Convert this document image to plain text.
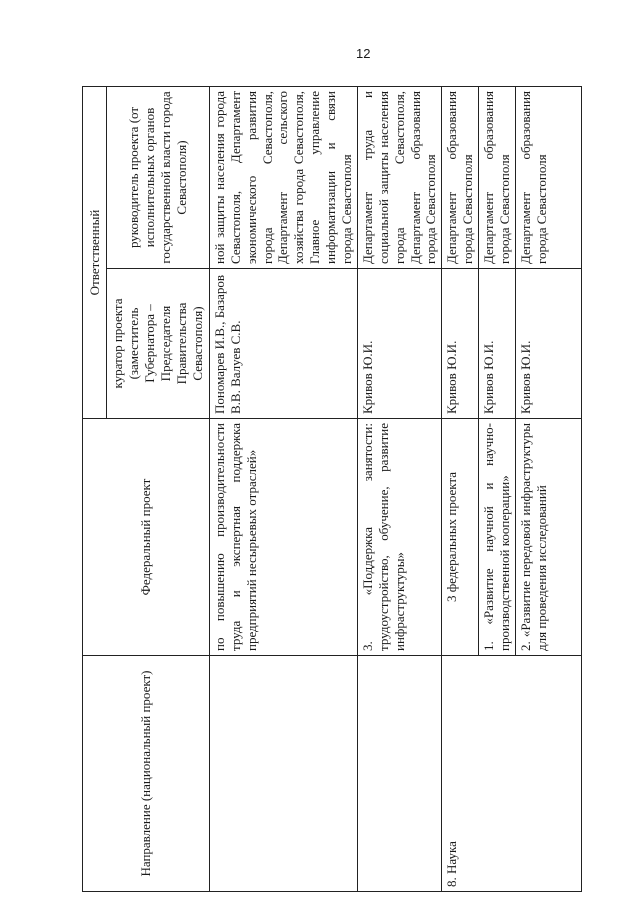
12
Направление (национальный проект)	Федеральный проект	Ответственный	
		куратор проекта (заместитель Губернатора – Председателя Правительства Севастополя)	руководитель проекта (от исполнительных органов государственной власти города Севастополя)
	по повышению производительности труда и экспертная поддержка предприятий несырьевых отраслей»	Пономарев И.В., Базаров В.В. Валуев С.В.	ной защиты населения города Севастополя, Департамент экономического развития города Севастополя, Департамент сельского хозяйства города Севастополя, Главное управление информатизации и связи города Севастополя
	3. «Поддержка занятости: трудоустройство, обучение, развитие инфраструктуры»	Кривов Ю.И.	Департамент труда и социальной защиты населения города Севастополя, Департамент образования города Севастополя
8. Наука	3 федеральных проекта	Кривов Ю.И.	Департамент образования города Севастополя
	1. «Развитие научной и научно-производственной кооперации»	Кривов Ю.И.	Департамент образования города Севастополя
	2. «Развитие передовой инфраструктуры для проведения исследований	Кривов Ю.И.	Департамент образования города Севастополя
